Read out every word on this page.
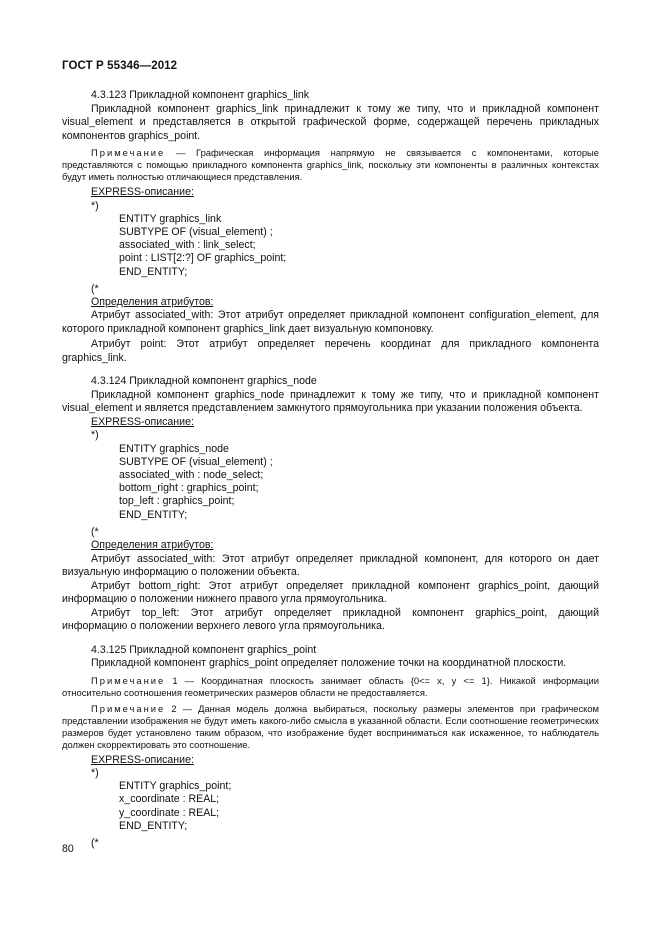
ГОСТ Р 55346—2012

4.3.123 Прикладной компонент graphics_link

Прикладной компонент graphics_link принадлежит к тому же типу, что и прикладной компонент visual_element и представляется в открытой графической форме, содержащей перечень прикладных компонентов graphics_point.

Примечание — Графическая информация напрямую не связывается с компонентами, которые представляются с помощью прикладного компонента graphics_link, поскольку эти компоненты в различных контекстах будут иметь полностью отличающиеся представления.

EXPRESS-описание:

*)
ENTITY graphics_link
SUBTYPE OF (visual_element) ;
associated_with : link_select;
point : LIST[2:?] OF graphics_point;
END_ENTITY;
(*

Определения атрибутов:

Атрибут associated_with: Этот атрибут определяет прикладной компонент configuration_element, для которого прикладной компонент graphics_link дает визуальную компоновку.

Атрибут point: Этот атрибут определяет перечень координат для прикладного компонента graphics_link.

4.3.124 Прикладной компонент graphics_node

Прикладной компонент graphics_node принадлежит к тому же типу, что и прикладной компонент visual_element и является представлением замкнутого прямоугольника при указании положения объекта.

EXPRESS-описание:

*)
ENTITY graphics_node
SUBTYPE OF (visual_element) ;
associated_with : node_select;
bottom_right : graphics_point;
top_left : graphics_point;
END_ENTITY;
(*

Определения атрибутов:

Атрибут associated_with: Этот атрибут определяет прикладной компонент, для которого он дает визуальную информацию о положении объекта.

Атрибут bottom_right: Этот атрибут определяет прикладной компонент graphics_point, дающий информацию о положении нижнего правого угла прямоугольника.

Атрибут top_left: Этот атрибут определяет прикладной компонент graphics_point, дающий информацию о положении верхнего левого угла прямоугольника.

4.3.125 Прикладной компонент graphics_point

Прикладной компонент graphics_point определяет положение точки на координатной плоскости.

Примечание 1 — Координатная плоскость занимает область {0<= x, y <= 1}. Никакой информации относительно соотношения геометрических размеров области не предоставляется.

Примечание 2 — Данная модель должна выбираться, поскольку размеры элементов при графическом представлении изображения не будут иметь какого-либо смысла в указанной области. Если соотношение геометрических размеров будет установлено таким образом, что изображение будет восприниматься как искаженное, то наблюдатель должен скорректировать это соотношение.

EXPRESS-описание:

*)
ENTITY graphics_point;
x_coordinate : REAL;
y_coordinate : REAL;
END_ENTITY;
(*
80
